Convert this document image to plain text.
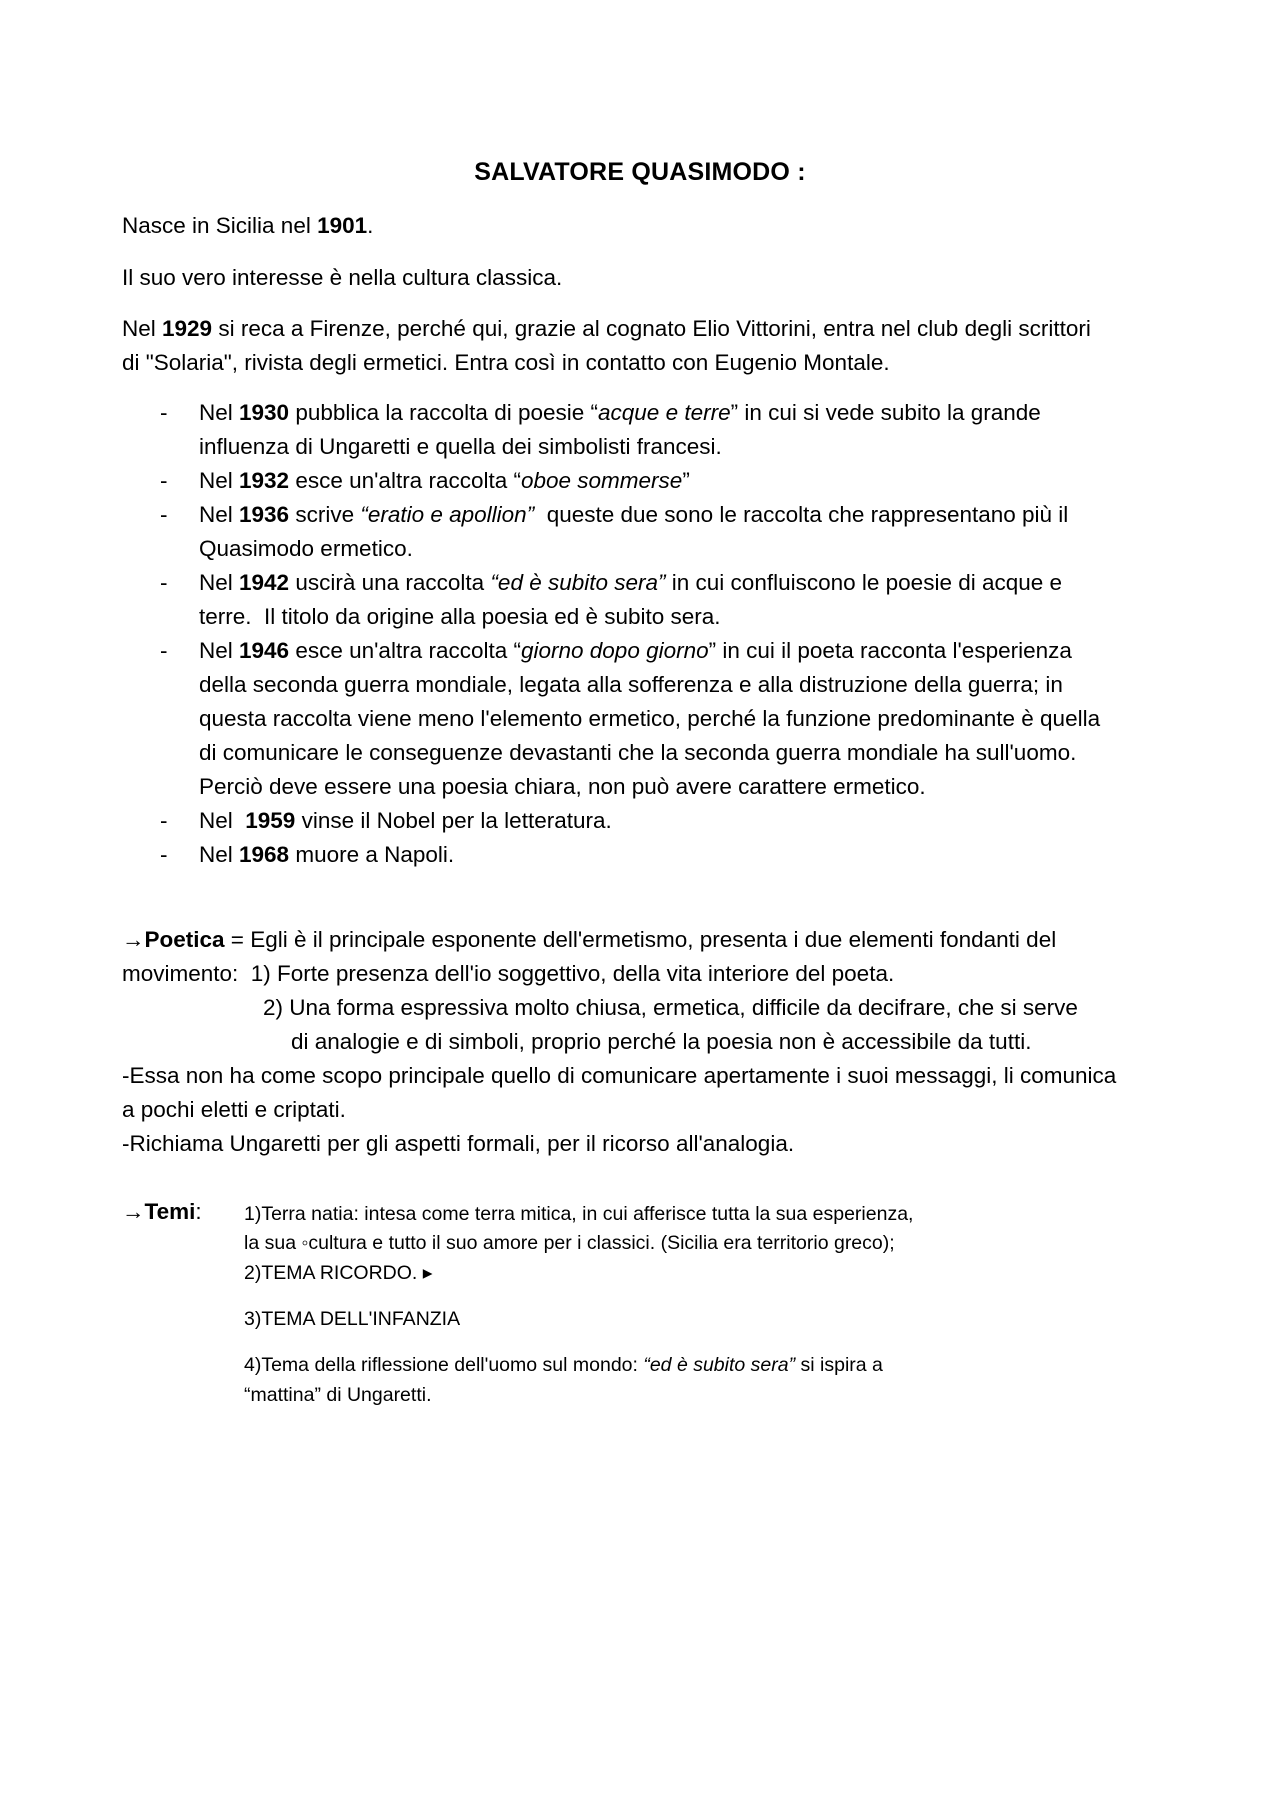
SALVATORE QUASIMODO :
Nasce in Sicilia nel 1901.
Il suo vero interesse è nella cultura classica.
Nel 1929 si reca a Firenze, perché qui, grazie al cognato Elio Vittorini, entra nel club degli scrittori
di "Solaria", rivista degli ermetici. Entra così in contatto con Eugenio Montale.
- Nel 1930 pubblica la raccolta di poesie “acque e terre” in cui si vede subito la grande
influenza di Ungaretti e quella dei simbolisti francesi.
- Nel 1932 esce un'altra raccolta “oboe sommerse”
- Nel 1936 scrive “eratio e apollion”  queste due sono le raccolta che rappresentano più il
Quasimodo ermetico.
- Nel 1942 uscirà una raccolta “ed è subito sera” in cui confluiscono le poesie di acque e
terre.  Il titolo da origine alla poesia ed è subito sera.
- Nel 1946 esce un'altra raccolta “giorno dopo giorno” in cui il poeta racconta l'esperienza
della seconda guerra mondiale, legata alla sofferenza e alla distruzione della guerra; in
questa raccolta viene meno l'elemento ermetico, perché la funzione predominante è quella
di comunicare le conseguenze devastanti che la seconda guerra mondiale ha sull'uomo.
Perciò deve essere una poesia chiara, non può avere carattere ermetico.
- Nel  1959 vinse il Nobel per la letteratura.
- Nel 1968 muore a Napoli.
→Poetica = Egli è il principale esponente dell'ermetismo, presenta i due elementi fondanti del
movimento:  1) Forte presenza dell'io soggettivo, della vita interiore del poeta.
2) Una forma espressiva molto chiusa, ermetica, difficile da decifrare, che si serve
di analogie e di simboli, proprio perché la poesia non è accessibile da tutti.
-Essa non ha come scopo principale quello di comunicare apertamente i suoi messaggi, li comunica
a pochi eletti e criptati.
-Richiama Ungaretti per gli aspetti formali, per il ricorso all'analogia.
→Temi: 1)Terra natia: intesa come terra mitica, in cui afferisce tutta la sua esperienza,
la sua ◦cultura e tutto il suo amore per i classici. (Sicilia era territorio greco);
2)TEMA RICORDO. ▸
3)TEMA DELL'INFANZIA
4)Tema della riflessione dell'uomo sul mondo: “ed è subito sera” si ispira a
“mattina” di Ungaretti.
